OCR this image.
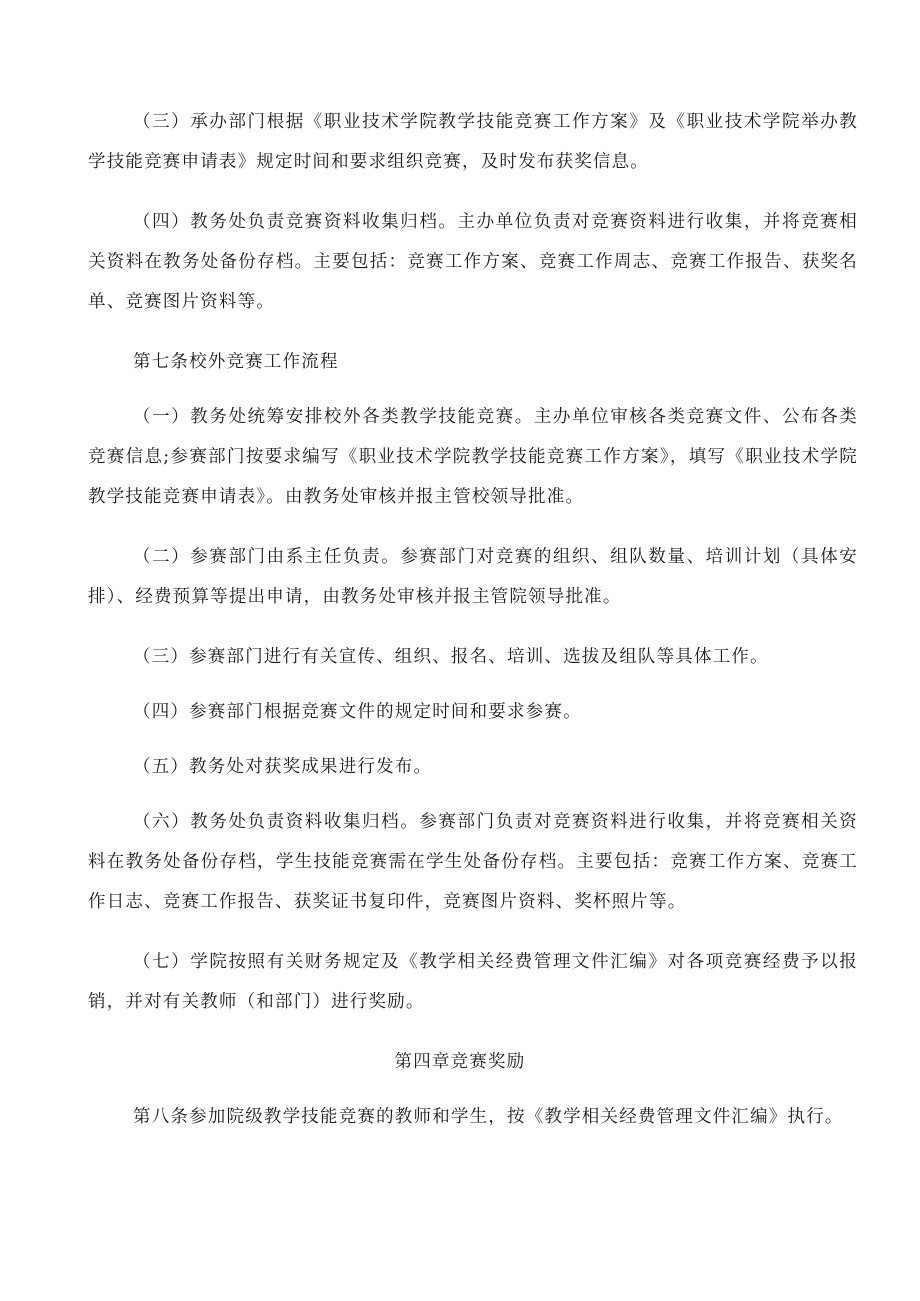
（三）承办部门根据《职业技术学院教学技能竞赛工作方案》及《职业技术学院举办教学技能竞赛申请表》规定时间和要求组织竞赛，及时发布获奖信息。

（四）教务处负责竞赛资料收集归档。主办单位负责对竞赛资料进行收集，并将竞赛相关资料在教务处备份存档。主要包括：竞赛工作方案、竞赛工作周志、竞赛工作报告、获奖名单、竞赛图片资料等。

第七条校外竞赛工作流程

（一）教务处统筹安排校外各类教学技能竞赛。主办单位审核各类竞赛文件、公布各类竞赛信息;参赛部门按要求编写《职业技术学院教学技能竞赛工作方案》，填写《职业技术学院教学技能竞赛申请表》。由教务处审核并报主管校领导批准。

（二）参赛部门由系主任负责。参赛部门对竞赛的组织、组队数量、培训计划（具体安排）、经费预算等提出申请，由教务处审核并报主管院领导批准。

（三）参赛部门进行有关宣传、组织、报名、培训、选拔及组队等具体工作。

（四）参赛部门根据竞赛文件的规定时间和要求参赛。

（五）教务处对获奖成果进行发布。

（六）教务处负责资料收集归档。参赛部门负责对竞赛资料进行收集，并将竞赛相关资料在教务处备份存档，学生技能竞赛需在学生处备份存档。主要包括：竞赛工作方案、竞赛工作日志、竞赛工作报告、获奖证书复印件，竞赛图片资料、奖杯照片等。

（七）学院按照有关财务规定及《教学相关经费管理文件汇编》对各项竞赛经费予以报销，并对有关教师（和部门）进行奖励。

第四章竞赛奖励

第八条参加院级教学技能竞赛的教师和学生，按《教学相关经费管理文件汇编》执行。
